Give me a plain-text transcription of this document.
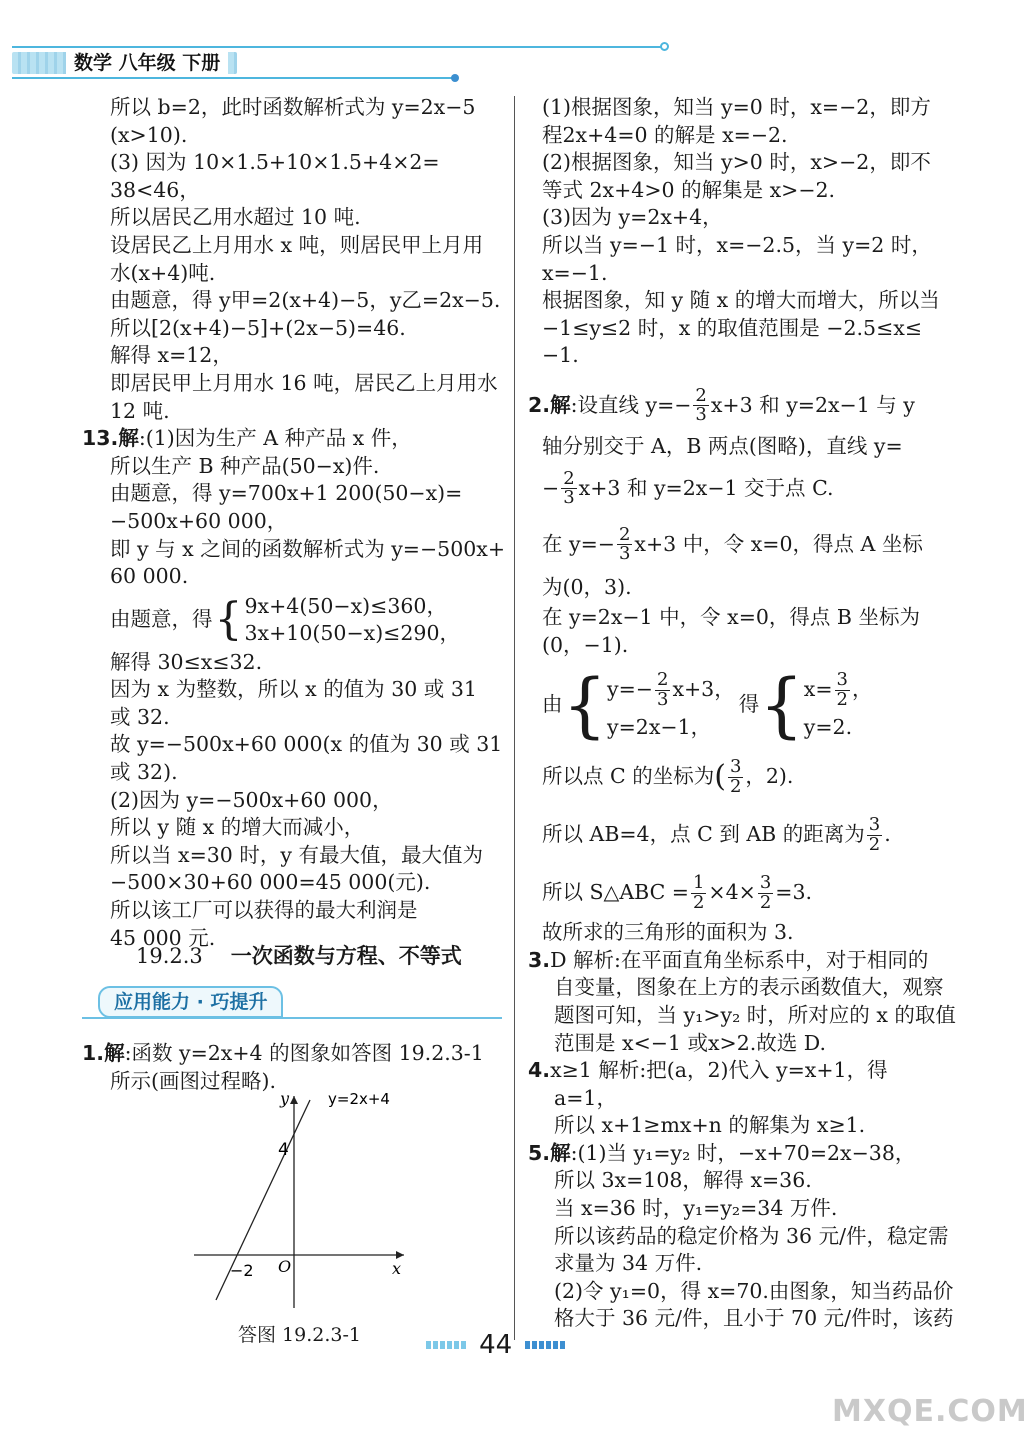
数学 八年级 下册
所以 b=2，此时函数解析式为 y=2x−5
(x>10).
(3) 因为 10×1.5+10×1.5+4×2=
38<46，
所以居民乙用水超过 10 吨.
设居民乙上月用水 x 吨，则居民甲上月用
水(x+4)吨.
由题意，得 y甲=2(x+4)−5，y乙=2x−5.
所以[2(x+4)−5]+(2x−5)=46.
解得 x=12，
即居民甲上月用水 16 吨，居民乙上月用水
12 吨.
13.解:(1)因为生产 A 种产品 x 件，
所以生产 B 种产品(50−x)件.
由题意，得 y=700x+1 200(50−x)=
−500x+60 000，
即 y 与 x 之间的函数解析式为 y=−500x+
60 000.
由题意，得 { 9x+4(50−x)≤360，
3x+10(50−x)≤290，
解得 30≤x≤32.
因为 x 为整数，所以 x 的值为 30 或 31
或 32.
故 y=−500x+60 000(x 的值为 30 或 31
或 32).
(2)因为 y=−500x+60 000，
所以 y 随 x 的增大而减小，
所以当 x=30 时，y 有最大值，最大值为
−500×30+60 000=45 000(元).
所以该工厂可以获得的最大利润是
45 000 元.
19.2.3 一次函数与方程、不等式
应用能力 · 巧提升
1.解:函数 y=2x+4 的图象如答图 19.2.3-1
所示(画图过程略).
y
x
O
4
−2
y=2x+4
答图 19.2.3-1
(1)根据图象，知当 y=0 时，x=−2，即方
程2x+4=0 的解是 x=−2.
(2)根据图象，知当 y>0 时，x>−2，即不
等式 2x+4>0 的解集是 x>−2.
(3)因为 y=2x+4，
所以当 y=−1 时，x=−2.5，当 y=2 时，
x=−1.
根据图象，知 y 随 x 的增大而增大，所以当
−1≤y≤2 时，x 的取值范围是 −2.5≤x≤
−1.
2. 解 :设直线 $y=- \frac{2}{3} x+3$ 和 y=2x−1 与 y
轴分别交于 A，B 两点(图略)，直线 y=
− $\frac{2}{3} x+3$ 和 y=2x−1 交于点 C.
在 $y=- \frac{2}{3} x+3$ 中，令 x=0，得点 A 坐标
为(0，3).
在 y=2x−1 中，令 x=0，得点 B 坐标为
(0，−1).
由 { $y=- \frac{2}{3} x+3$，
y=2x−1，
得 { $x= \frac{3}{2}$ ，
y=2.
所以点 C 的坐标为 ( $\frac{3}{2}$ ，2).
所以 AB=4，点 C 到 AB 的距离为 $\frac{3}{2}$ .
所以 S△ABC = $\frac{1}{2} \times 4\times \frac{3}{2} =3$.
故所求的三角形的面积为 3.
3.D 解析:在平面直角坐标系中，对于相同的
自变量，图象在上方的表示函数值大，观察
题图可知，当 y₁>y₂ 时，所对应的 x 的取值
范围是 x<−1 或x>2.故选 D.
4.x≥1 解析:把(a，2)代入 y=x+1，得
a=1，
所以 x+1≥mx+n 的解集为 x≥1.
5.解:(1)当 y₁=y₂ 时，−x+70=2x−38，
所以 3x=108，解得 x=36.
当 x=36 时，y₁=y₂=34 万件.
所以该药品的稳定价格为 36 元/件，稳定需
求量为 34 万件.
(2)令 y₁=0，得 x=70.由图象，知当药品价
格大于 36 元/件，且小于 70 元/件时，该药
44
MXQE.COM
